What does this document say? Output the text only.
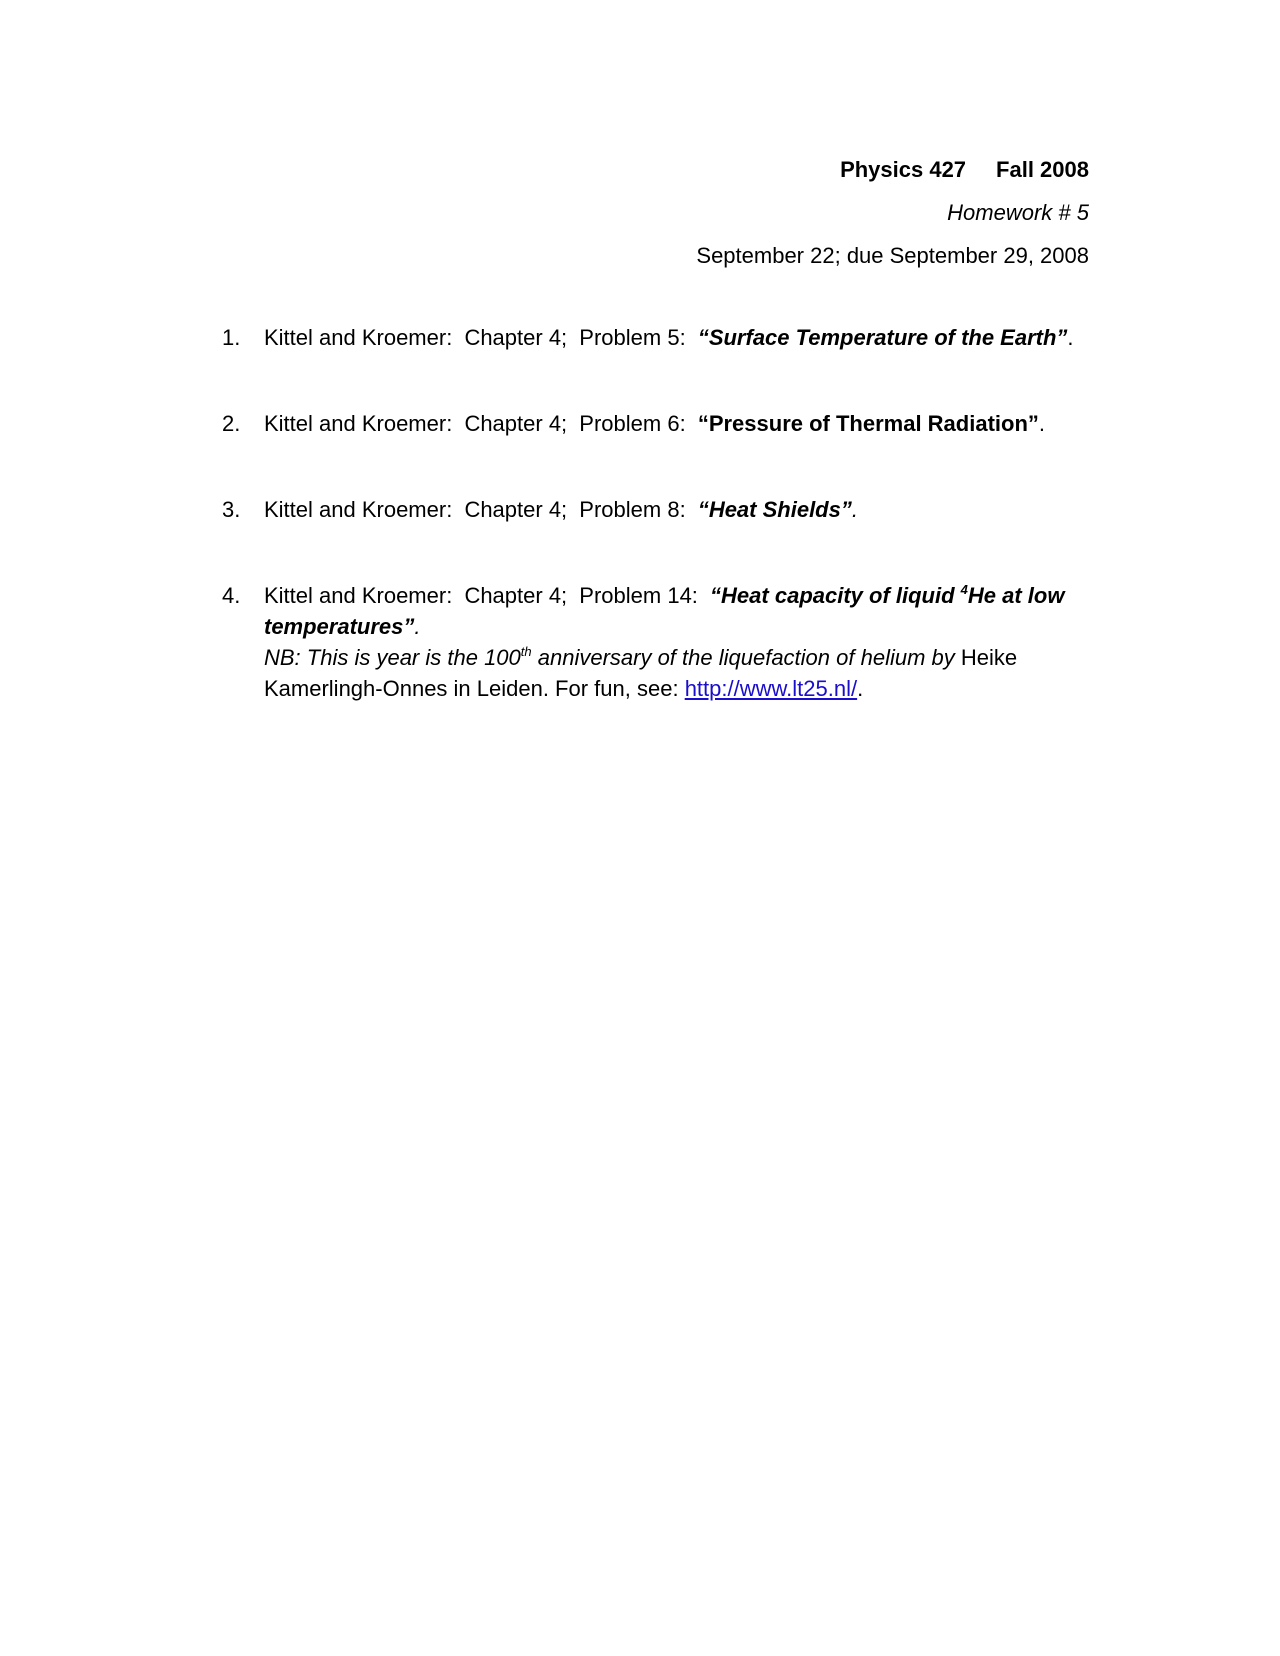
Physics 427 Fall 2008
Homework # 5
September 22; due September 29, 2008
1. Kittel and Kroemer: Chapter 4; Problem 5: “Surface Temperature of the Earth”.
2. Kittel and Kroemer: Chapter 4; Problem 6: “Pressure of Thermal Radiation”.
3. Kittel and Kroemer: Chapter 4; Problem 8: “Heat Shields”.
4. Kittel and Kroemer: Chapter 4; Problem 14: “Heat capacity of liquid $^4$He at low temperatures”.
NB: This is year is the 100th anniversary of the liquefaction of helium by Heike Kamerlingh-Onnes in Leiden. For fun, see: http://www.lt25.nl/.
